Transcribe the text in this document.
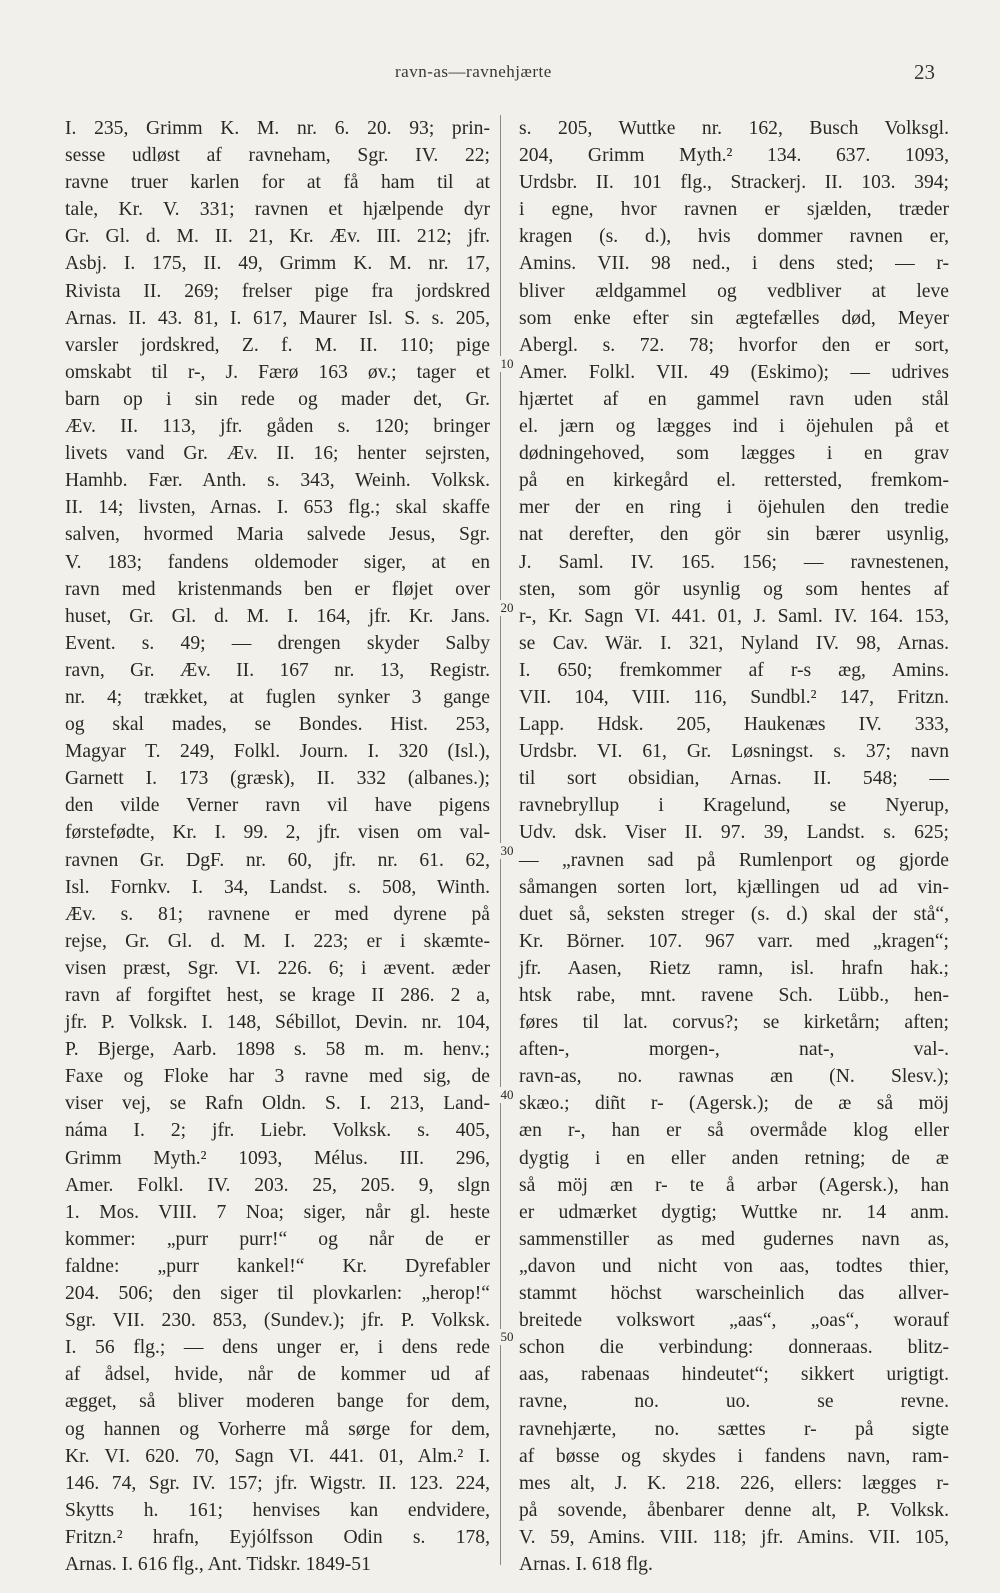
ravn-as—ravnehjærte	23
10
20
30
40
50
I. 235, Grimm K. M. nr. 6. 20. 93; prin-
sesse udløst af ravneham, Sgr. IV. 22;
ravne truer karlen for at få ham til at
tale, Kr. V. 331; ravnen et hjælpende dyr
Gr. Gl. d. M. II. 21, Kr. Æv. III. 212; jfr.
Asbj. I. 175, II. 49, Grimm K. M. nr. 17,
Rivista II. 269; frelser pige fra jordskred
Arnas. II. 43. 81, I. 617, Maurer Isl. S. s. 205,
varsler jordskred, Z. f. M. II. 110; pige
omskabt til r-, J. Færø 163 øv.; tager et
barn op i sin rede og mader det, Gr.
Æv. II. 113, jfr. gåden s. 120; bringer
livets vand Gr. Æv. II. 16; henter sejrsten,
Hamhb. Fær. Anth. s. 343, Weinh. Volksk.
II. 14; livsten, Arnas. I. 653 flg.; skal skaffe
salven, hvormed Maria salvede Jesus, Sgr.
V. 183; fandens oldemoder siger, at en
ravn med kristenmands ben er fløjet over
huset, Gr. Gl. d. M. I. 164, jfr. Kr. Jans.
Event. s. 49; — drengen skyder Salby
ravn, Gr. Æv. II. 167 nr. 13, Registr.
nr. 4; trækket, at fuglen synker 3 gange
og skal mades, se Bondes. Hist. 253,
Magyar T. 249, Folkl. Journ. I. 320 (Isl.),
Garnett I. 173 (græsk), II. 332 (albanes.);
den vilde Verner ravn vil have pigens
førstefødte, Kr. I. 99. 2, jfr. visen om val-
ravnen Gr. DgF. nr. 60, jfr. nr. 61. 62,
Isl. Fornkv. I. 34, Landst. s. 508, Winth.
Æv. s. 81; ravnene er med dyrene på
rejse, Gr. Gl. d. M. I. 223; er i skæmte-
visen præst, Sgr. VI. 226. 6; i ævent. æder
ravn af forgiftet hest, se krage II 286. 2 a,
jfr. P. Volksk. I. 148, Sébillot, Devin. nr. 104,
P. Bjerge, Aarb. 1898 s. 58 m. m. henv.;
Faxe og Floke har 3 ravne med sig, de
viser vej, se Rafn Oldn. S. I. 213, Land-
náma I. 2; jfr. Liebr. Volksk. s. 405,
Grimm Myth.² 1093, Mélus. III. 296,
Amer. Folkl. IV. 203. 25, 205. 9, slgn
1. Mos. VIII. 7 Noa; siger, når gl. heste
kommer: „purr purr!“ og når de er
faldne: „purr kankel!“ Kr. Dyrefabler
204. 506; den siger til plovkarlen: „herop!“
Sgr. VII. 230. 853, (Sundev.); jfr. P. Volksk.
I. 56 flg.; — dens unger er, i dens rede
af ådsel, hvide, når de kommer ud af
ægget, så bliver moderen bange for dem,
og hannen og Vorherre må sørge for dem,
Kr. VI. 620. 70, Sagn VI. 441. 01, Alm.² I.
146. 74, Sgr. IV. 157; jfr. Wigstr. II. 123. 224,
Skytts h. 161; henvises kan endvidere,
Fritzn.² hrafn, Eyjólfsson Odin s. 178,
Arnas. I. 616 flg., Ant. Tidskr. 1849-51
s. 205, Wuttke nr. 162, Busch Volksgl.
204, Grimm Myth.² 134. 637. 1093,
Urdsbr. II. 101 flg., Strackerj. II. 103. 394;
i egne, hvor ravnen er sjælden, træder
kragen (s. d.), hvis dommer ravnen er,
Amins. VII. 98 ned., i dens sted; — r-
bliver ældgammel og vedbliver at leve
som enke efter sin ægtefælles død, Meyer
Abergl. s. 72. 78; hvorfor den er sort,
Amer. Folkl. VII. 49 (Eskimo); — udrives
hjærtet af en gammel ravn uden stål
el. jærn og lægges ind i öjehulen på et
dødningehoved, som lægges i en grav
på en kirkegård el. rettersted, fremkom-
mer der en ring i öjehulen den tredie
nat derefter, den gör sin bærer usynlig,
J. Saml. IV. 165. 156; — ravnestenen,
sten, som gör usynlig og som hentes af
r-, Kr. Sagn VI. 441. 01, J. Saml. IV. 164. 153,
se Cav. Wär. I. 321, Nyland IV. 98, Arnas.
I. 650; fremkommer af r-s æg, Amins.
VII. 104, VIII. 116, Sundbl.² 147, Fritzn.
Lapp. Hdsk. 205, Haukenæs IV. 333,
Urdsbr. VI. 61, Gr. Løsningst. s. 37; navn
til sort obsidian, Arnas. II. 548; —
ravnebryllup i Kragelund, se Nyerup,
Udv. dsk. Viser II. 97. 39, Landst. s. 625;
— „ravnen sad på Rumlenport og gjorde
såmangen sorten lort, kjællingen ud ad vin-
duet så, seksten streger (s. d.) skal der stå“,
Kr. Börner. 107. 967 varr. med „kragen“;
jfr. Aasen, Rietz ramn, isl. hrafn hak.;
htsk rabe, mnt. ravene Sch. Lübb., hen-
føres til lat. corvus?; se kirketårn; aften;
aften-, morgen-, nat-, val-.
ravn-as, no. rawnas æn (N. Slesv.);
skæo.; diñt r- (Agersk.); de æ så möj
æn r-, han er så overmåde klog eller
dygtig i en eller anden retning; de æ
så möj æn r- te å arbər (Agersk.), han
er udmærket dygtig; Wuttke nr. 14 anm.
sammenstiller as med gudernes navn as,
„davon und nicht von aas, todtes thier,
stammt höchst warscheinlich das allver-
breitede volkswort „aas“, „oas“, worauf
schon die verbindung: donneraas. blitz-
aas, rabenaas hindeutet“; sikkert urigtigt.
ravne, no. uo. se revne.
ravnehjærte, no. sættes r- på sigte
af bøsse og skydes i fandens navn, ram-
mes alt, J. K. 218. 226, ellers: lægges r-
på sovende, åbenbarer denne alt, P. Volksk.
V. 59, Amins. VIII. 118; jfr. Amins. VII. 105,
Arnas. I. 618 flg.
